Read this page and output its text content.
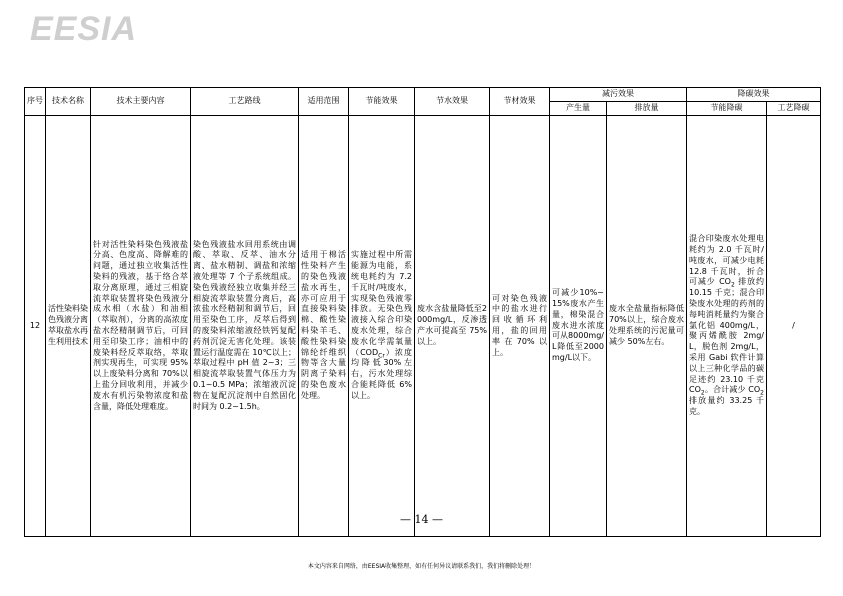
EESIA
序号	技术名称	技术主要内容	工艺路线	适用范围	节能效果	节水效果	节材效果	减污效果		降碳效果	
								产生量	排放量	节能降碳	工艺降碳
12	活性染料染色残液分离萃取盐水再生利用技术	针对活性染料染色残液盐分高、色度高、降解难的问题，通过独立收集活性染料的残液，基于络合萃取分离原理，通过三相旋流萃取装置将染色残液分成水相（水盐）和油相（萃取剂），分离的高浓度盐水经精制调节后，可回用至印染工序；油相中的废染料经反萃取络，萃取剂实现再生，可实现 95%以上废染料分离和 70%以上盐分回收利用，并减少废水有机污染物浓度和盐含量，降低处理难度。	染色残液盐水回用系统由调酸、萃取、反萃、油水分离、盐水精制、调盐和浓缩液处理等 7 个子系统组成。染色残液经独立收集并经三相旋流萃取装置分离后，高浓盐水经精制和调节后，回用至染色工序，反萃后得到的废染料浓缩液经铁钙复配药剂沉淀无害化处理。该装置运行温度需在 10℃以上；萃取过程中 pH 值 2~3；三相旋流萃取装置气体压力为 0.1~0.5 MPa；浓缩液沉淀物在复配沉淀剂中自然固化时间为 0.2~1.5h。	适用于棉活性染料产生的染色残液盐水再生，亦可应用于直接染料染棉、酸性染料染羊毛、酸性染料染锦纶纤维织物等含大量阴离子染料的染色废水处理。	实施过程中所需能源为电能，系统电耗约为 7.2 千瓦时/吨废水，实现染色残液零排放。无染色残液接入综合印染废水处理，综合废水化学需氧量$(COD_{Cr})$浓度均降低30%左右，污水处理综合能耗降低 6%以上。	废水含盐量降低至2000mg/L，反渗透产水可提高至 75%以上。	可对染色残液中的盐水进行回收循环利用，盐的回用率在70%以上。	可减少10%~15%废水产生量，棉染混合废水进水浓度可从8000mg/L降低至2000mg/L以下。	废水全盐量指标降低 70%以上，综合废水处理系统的污泥量可减少 50%左右。	混合印染废水处理电耗约为 2.0 千瓦时/吨废水，可减少电耗 12.8 千瓦时，折合可减少 $CO_2$ 排放约 10.15 千克；混合印染废水处理的药剂的每吨消耗量约为聚合氯化铝 400mg/L，聚丙烯酰胺 2mg/L，脱色剂 2mg/L，采用 Gabi 软件计算以上三种化学品的碳足迹约 23.10 千克 $CO_2$。合计减少 $CO_2$ 排放量约 33.25 千克。	/
— 14 —
本文内容来自网络，由EESIA收集整理，如有任何异议请联系我们，我们将删除处理！
